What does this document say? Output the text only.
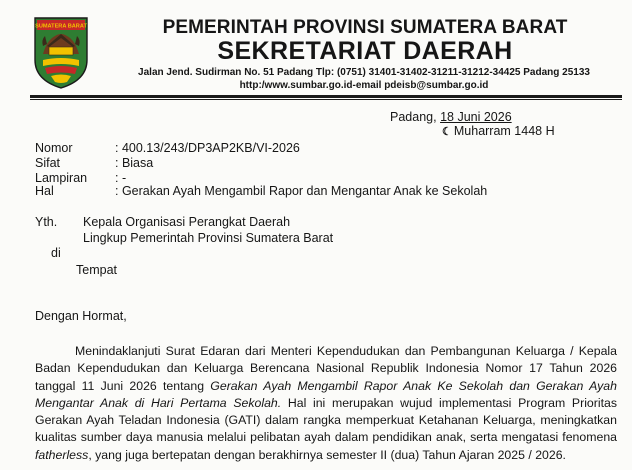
SUMATERA BARAT	PEMERINTAH PROVINSI SUMATERA BARAT
SEKRETARIAT DAERAH
Jalan Jend. Sudirman No. 51 Padang Tlp: (0751) 31401-31402-31211-31212-34425 Padang 25133
http:/www.sumbar.go.id-email pdeisb@sumbar.go.id
Padang, 18 Juni 2026
☾ Muharram 1448 H
Nomor	: 400.13/243/DP3AP2KB/VI-2026
Sifat	: Biasa
Lampiran : -
Hal	: Gerakan Ayah Mengambil Rapor dan Mengantar Anak ke Sekolah
Yth. Kepala Organisasi Perangkat Daerah
Lingkup Pemerintah Provinsi Sumatera Barat
di
Tempat
Dengan Hormat,
Menindaklanjuti Surat Edaran dari Menteri Kependudukan dan Pembangunan Keluarga / Kepala
Badan Kependudukan dan Keluarga Berencana Nasional Republik Indonesia Nomor 17 Tahun 2026
tanggal 11 Juni 2026 tentang Gerakan Ayah Mengambil Rapor Anak Ke Sekolah dan Gerakan Ayah
Mengantar Anak di Hari Pertama Sekolah. Hal ini merupakan wujud implementasi Program Prioritas
Gerakan Ayah Teladan Indonesia (GATI) dalam rangka memperkuat Ketahanan Keluarga, meningkatkan
kualitas sumber daya manusia melalui pelibatan ayah dalam pendidikan anak, serta mengatasi fenomena
fatherless, yang juga bertepatan dengan berakhirnya semester II (dua) Tahun Ajaran 2025 / 2026.
